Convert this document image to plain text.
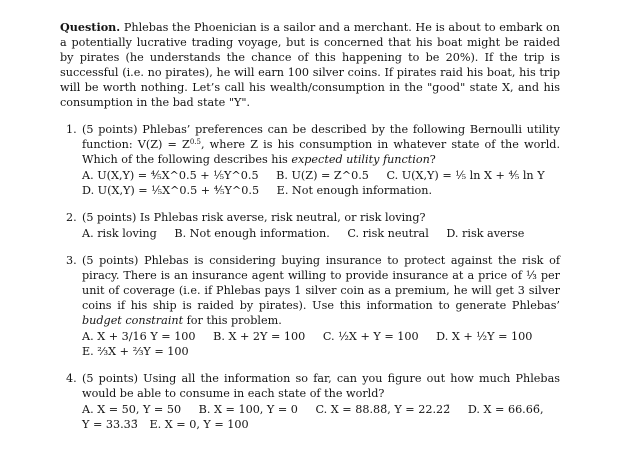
Question. Phlebas the Phoenician is a sailor and a merchant. He is about to embark on a potentially lucrative trading voyage, but is concerned that his boat might be raided by pirates (he understands the chance of this happening to be 20%). If the trip is successful (i.e. no pirates), he will earn 100 silver coins. If pirates raid his boat, his trip will be worth nothing. Let’s call his wealth/consumption in the "good" state X, and his consumption in the bad state "Y".

1. (5 points) Phlebas’ preferences can be described by the following Bernoulli utility function: $V(Z) = Z^{0.5}$, where Z is his consumption in whatever state of the world. Which of the following describes his expected utility function?
A. U(X,Y) = ⅘X^0.5 + ⅕Y^0.5 B. U(Z) = Z^0.5 C. U(X,Y) = ⅕ ln X + ⅘ ln Y
D. U(X,Y) = ⅕X^0.5 + ⅘Y^0.5 E. Not enough information.
2. (5 points) Is Phlebas risk averse, risk neutral, or risk loving?
A. risk loving B. Not enough information. C. risk neutral D. risk averse
3. (5 points) Phlebas is considering buying insurance to protect against the risk of piracy. There is an insurance agent willing to provide insurance at a price of ⅓ per unit of coverage (i.e. if Phlebas pays 1 silver coin as a premium, he will get 3 silver coins if his ship is raided by pirates). Use this information to generate Phlebas’ budget constraint for this problem.
A. X + 3/16 Y = 100 B. X + 2Y = 100 C. ½X + Y = 100 D. X + ½Y = 100
E. ⅔X + ⅔Y = 100
4. (5 points) Using all the information so far, can you figure out how much Phlebas would be able to consume in each state of the world?
A. X = 50, Y = 50 B. X = 100, Y = 0 C. X = 88.88̄, Y = 22.22̄ D. X = 66.66̄,
Y = 33.33̄ E. X = 0, Y = 100
